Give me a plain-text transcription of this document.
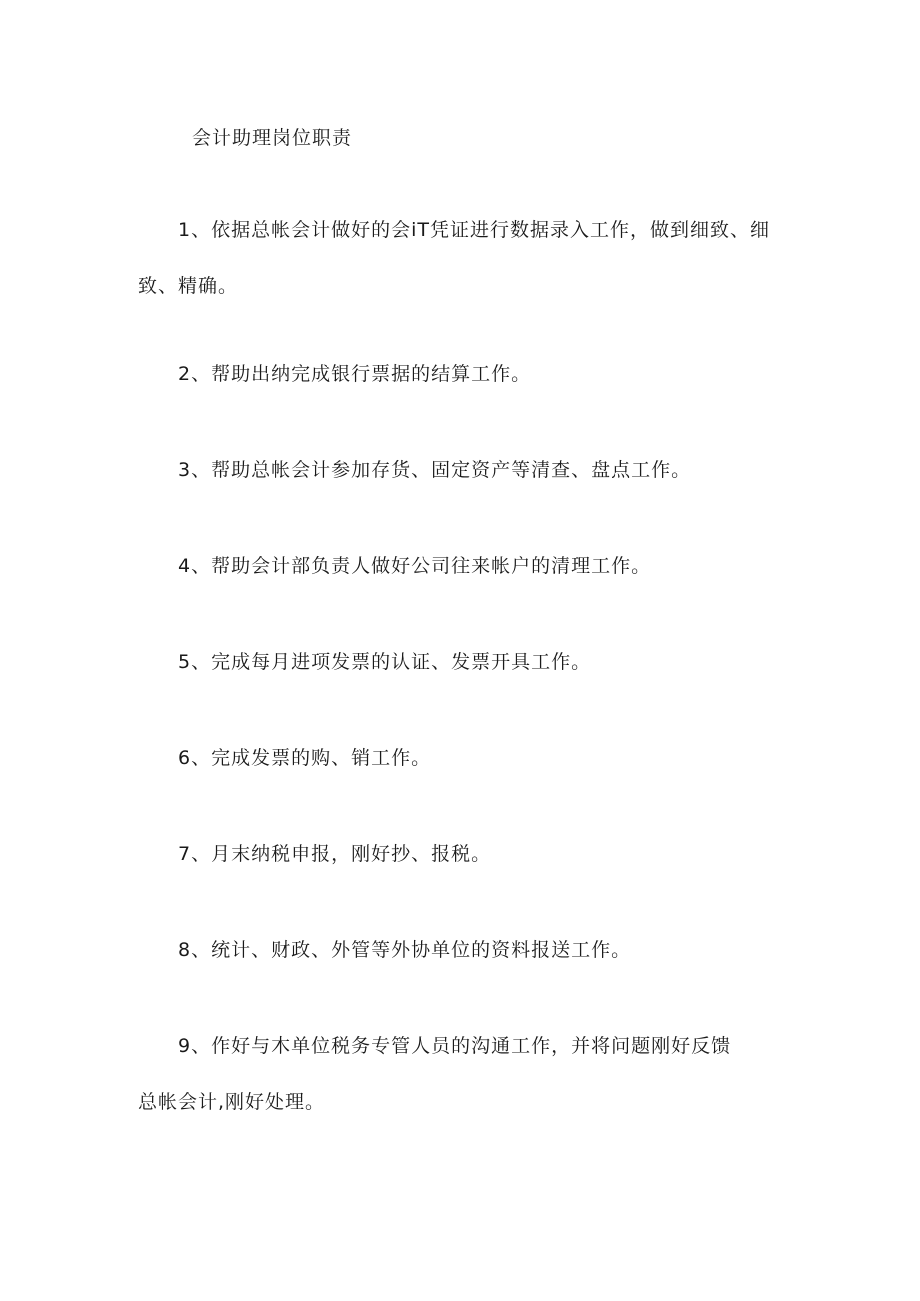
会计助理岗位职责
1、依据总帐会计做好的会iT凭证进行数据录入工作，做到细致、细
致、精确。
2、帮助出纳完成银行票据的结算工作。
3、帮助总帐会计参加存货、固定资产等清查、盘点工作。
4、帮助会计部负责人做好公司往来帐户的清理工作。
5、完成每月进项发票的认证、发票开具工作。
6、完成发票的购、销工作。
7、月末纳税申报，刚好抄、报税。
8、统计、财政、外管等外协单位的资料报送工作。
9、作好与木单位税务专管人员的沟通工作，并将问题刚好反馈
总帐会计,刚好处理。
